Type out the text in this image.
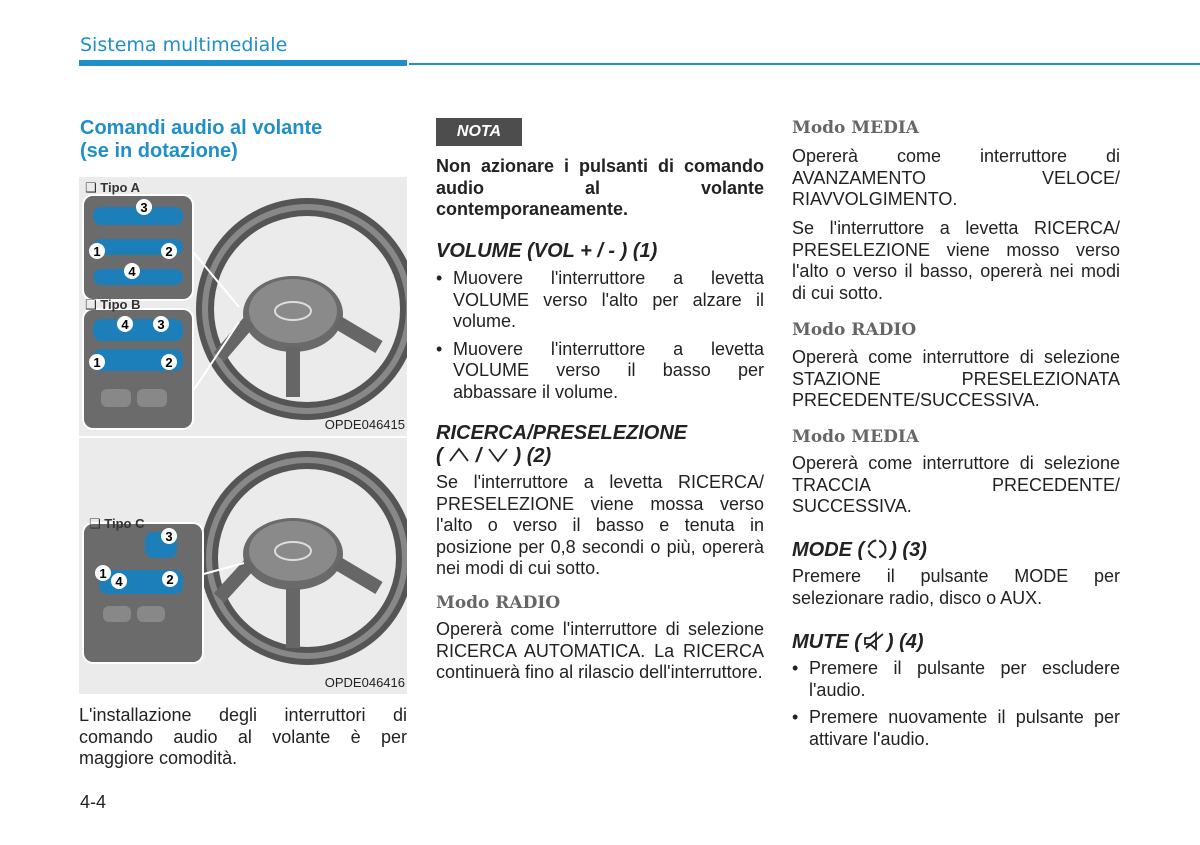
Sistema multimediale
Comandi audio al volante
(se in dotazione)
❑ Tipo A
❑ Tipo B
3
1	2
4
4 3
1	2
OPDE046415
❑ Tipo C
3
1
4	2
OPDE046416
L'installazione degli interruttori di comando audio al volante è per maggiore comodità.
NOTA
Non azionare i pulsanti di comando audio al volante contemporaneamente.
VOLUME (VOL + / - ) (1)
• Muovere l'interruttore a levetta VOLUME verso l'alto per alzare il volume.
• Muovere l'interruttore a levetta VOLUME verso il basso per abbassare il volume.
RICERCA/PRESELEZIONE
( / ) (2)
Se l'interruttore a levetta RICERCA/ PRESELEZIONE viene mossa verso l'alto o verso il basso e tenuta in posizione per 0,8 secondi o più, opererà nei modi di cui sotto.
Modo RADIO
Opererà come l'interruttore di selezione RICERCA AUTOMATICA. La RICERCA continuerà fino al rilascio dell'interruttore.
Modo MEDIA
Opererà come interruttore di AVANZAMENTO VELOCE/ RIAVVOLGIMENTO.
Se l'interruttore a levetta RICERCA/ PRESELEZIONE viene mosso verso l'alto o verso il basso, opererà nei modi di cui sotto.
Modo RADIO
Opererà come interruttore di selezione STAZIONE PRESELEZIONATA PRECEDENTE/SUCCESSIVA.
Modo MEDIA
Opererà come interruttore di selezione TRACCIA PRECEDENTE/ SUCCESSIVA.
MODE ( ) (3)
Premere il pulsante MODE per selezionare radio, disco o AUX.
MUTE ( ) (4)
• Premere il pulsante per escludere l'audio.
• Premere nuovamente il pulsante per attivare l'audio.
4-4
